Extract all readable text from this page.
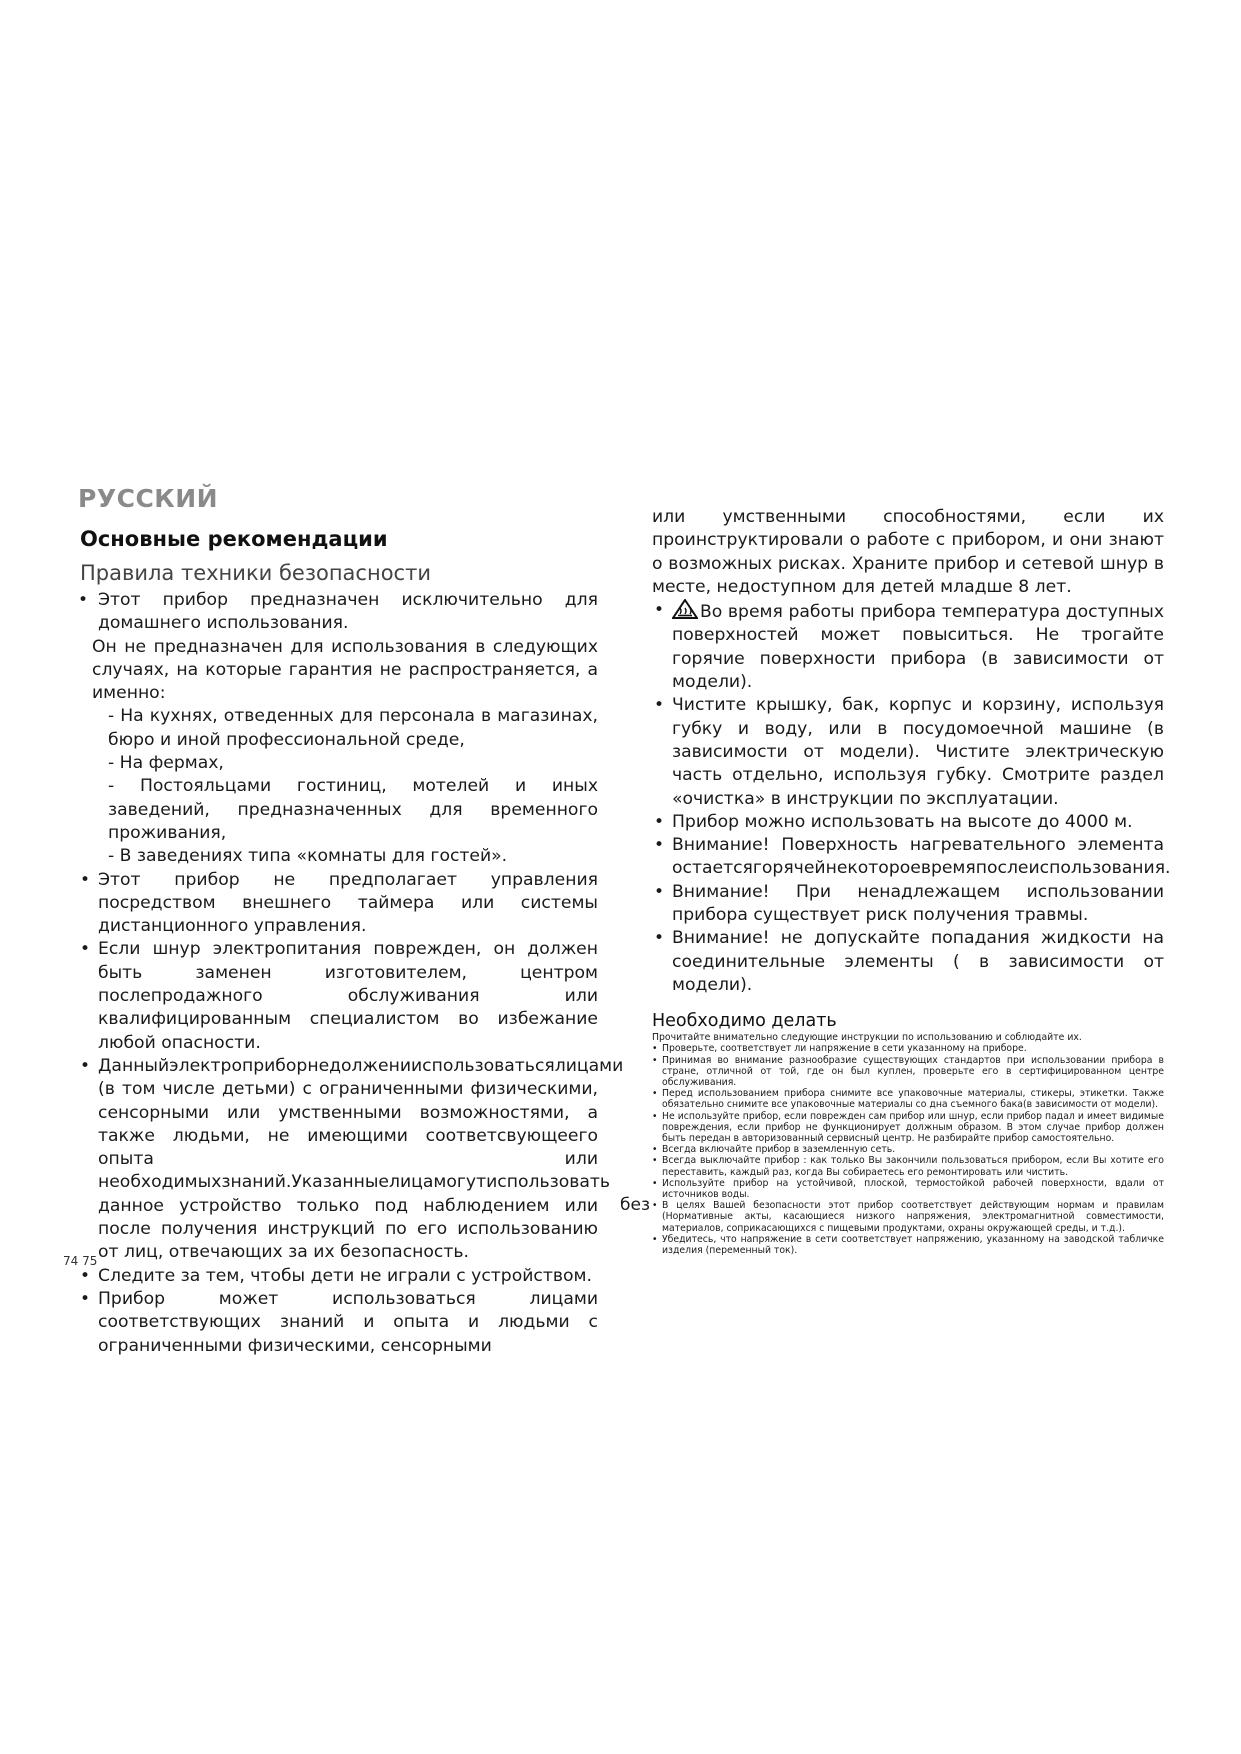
РУССКИЙ
Основные рекомендации
Правила техники безопасности

• Этот прибор предназначен исключительно для домашнего использования.

Он не предназначен для использования в следующих случаях, на которые гарантия не распространяется, а именно:

- На кухнях, отведенных для персонала в магазинах, бюро и иной профессиональной среде,

- На фермах,

- Постояльцами гостиниц, мотелей и иных заведений, предназначенных для временного проживания,

- В заведениях типа «комнаты для гостей».

• Этот прибор не предполагает управления посредством внешнего таймера или системы дистанционного управления.

• Если шнур электропитания поврежден, он должен быть заменен изготовителем, центром послепродажного обслуживания или квалифицированным специалистом во избежание любой опасности.

• Данныйэлектроприборнедолженииспользоватьсялицами (в том числе детьми) с ограниченными физическими, сенсорными или умственными возможностями, а также людьми, не имеющими соответсвующеего опыта или необходимыхзнаний.Указанныелицамогутиспользовать данное устройство только под наблюдением или после получения инструкций по его использованию от лиц, отвечающих за их безопасность.

• Следите за тем, чтобы дети не играли с устройством.

• Прибор может использоваться лицами соответствующих знаний и опыта и людьми с ограниченными физическими, сенсорными

или умственными способностями, если их проинструктировали о работе с прибором, и они знают о возможных рисках. Храните прибор и сетевой шнур в месте, недоступном для детей младше 8 лет.

• Во время работы прибора температура доступных поверхностей может повыситься. Не трогайте горячие поверхности прибора (в зависимости от модели).

• Чистите крышку, бак, корпус и корзину, используя губку и воду, или в посудомоечной машине (в зависимости от модели). Чистите электрическую часть отдельно, используя губку. Смотрите раздел «очистка» в инструкции по эксплуатации.

• Прибор можно использовать на высоте до 4000 м.

• Внимание! Поверхность нагревательного элемента остаетсягорячейнекотороевремяпослеиспользования.

• Внимание! При ненадлежащем использовании прибора существует риск получения травмы.

• Внимание! не допускайте попадания жидкости на соединительные элементы ( в зависимости от модели).

Необходимо делать

Прочитайте внимательно следующие инструкции по использованию и соблюдайте их.

• Проверьте, соответствует ли напряжение в сети указанному на приборе.

• Принимая во внимание разнообразие существующих стандартов при использовании прибора в стране, отличной от той, где он был куплен, проверьте его в сертифицированном центре обслуживания.

• Перед использованием прибора снимите все упаковочные материалы, стикеры, этикетки. Также обязательно снимите все упаковочные материалы со дна съемного бака(в зависимости от модели).

• Не используйте прибор, если поврежден сам прибор или шнур, если прибор падал и имеет видимые повреждения, если прибор не функционирует должным образом. В этом случае прибор должен быть передан в авторизованный сервисный центр. Не разбирайте прибор самостоятельно.

• Всегда включайте прибор в заземленную сеть.

• Всегда выключайте прибор : как только Вы закончили пользоваться прибором, если Вы хотите его переставить, каждый раз, когда Вы собираетесь его ремонтировать или чистить.

• Используйте прибор на устойчивой, плоской, термостойкой рабочей поверхности, вдали от источников воды.

• В целях Вашей безопасности этот прибор соответствует действующим нормам и правилам (Нормативные акты, касающиеся низкого напряжения, электромагнитной совместимости, материалов, соприкасающихся с пищевыми продуктами, охраны окружающей среды, и т.д.).

• Убедитесь, что напряжение в сети соответствует напряжению, указанному на заводской табличке изделия (переменный ток).

без
74 75
